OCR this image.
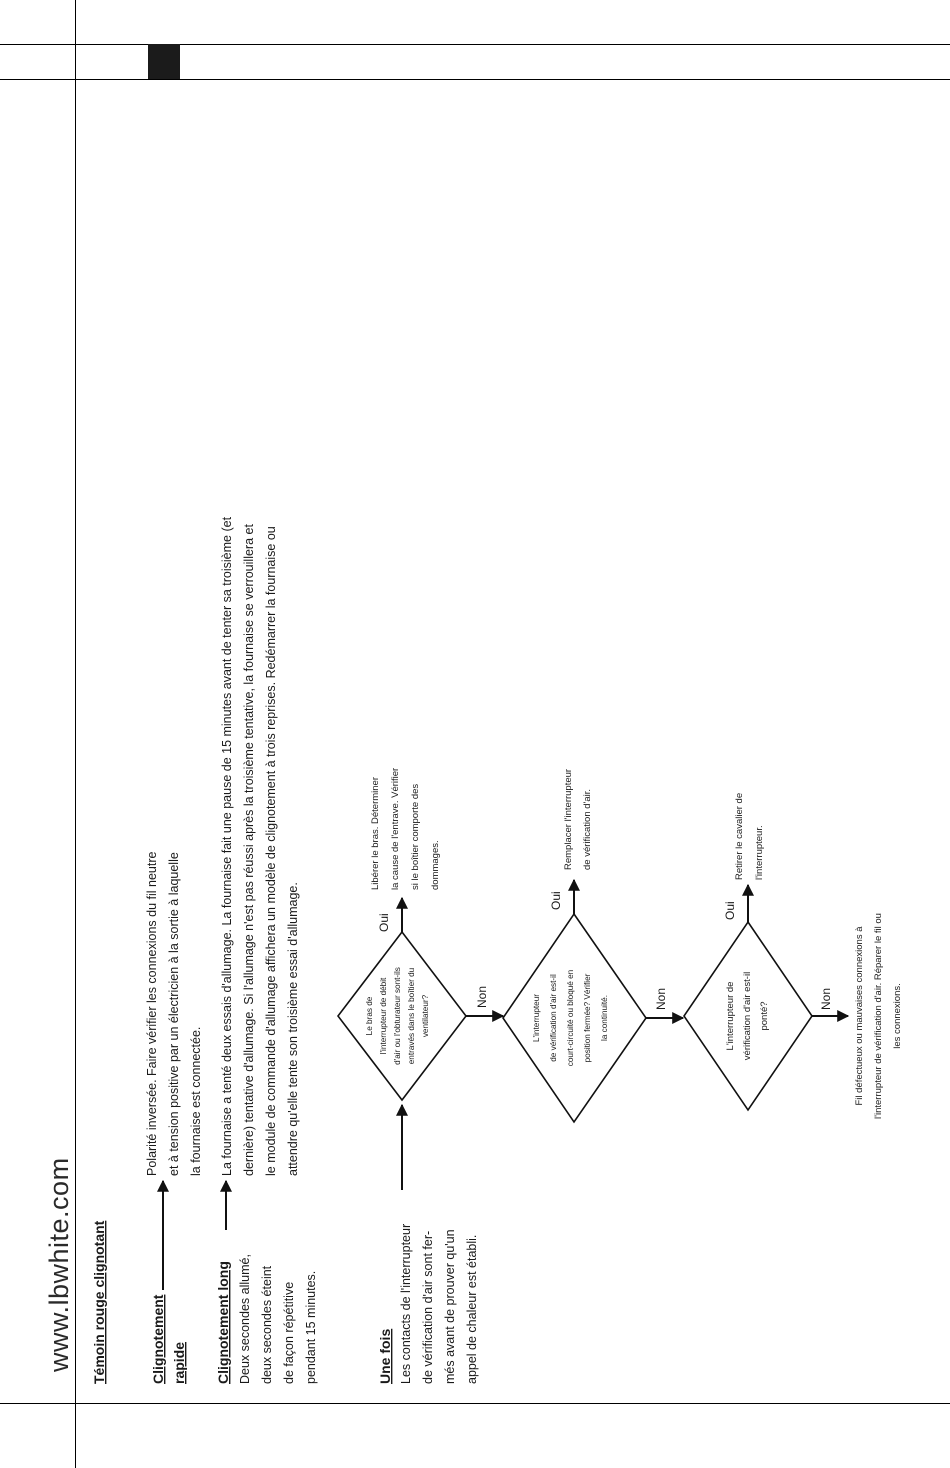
www.lbwhite.com Témoin rouge clignotant	Clignotement rapide
Polarité inversée. Faire vérifier les connexions du fil neutre et à tension positive par un électricien à la sortie à laquelle la fournaise est connectée.
Clignotement long Deux secondes allumé, deux secondes éteint de façon répétitive pendant 15 minutes.
La fournaise a tenté deux essais d'allumage. La fournaise fait une pause de 15 minutes avant de tenter sa troisième (et dernière) tentative d'allumage. Si l'allumage n'est pas réussi après la troisième tentative, la fournaise se verrouillera et le module de commande d'allumage affichera un modèle de clignotement à trois reprises. Redémarrer la fournaise ou attendre qu'elle tente son troisième essai d'allumage.
Une fois Les contacts de l'interrupteur de vérification d'air sont fer- més avant de prouver qu'un appel de chaleur est établi.
Le bras de l'interrupteur de débit d'air ou l'obturateur sont-ils entravés dans le boîtier du ventilateur?
Oui
Libérer le bras. Déterminer la cause de l'entrave. Vérifier si le boîtier comporte des dommages.
Non	L'interrupteur de vérification d'air est-il court-circuité ou bloqué en position fermée? Vérifier la continuité.
Oui
Remplacer l'interrupteur de vérification d'air.
Non	L'interrupteur de vérification d'air est-il ponté?
Oui
Retirer le cavalier de l'interrupteur.
Non Fil défectueux ou mauvaises connexions à l'interrupteur de vérification d'air. Réparer le fil ou les connexions.
